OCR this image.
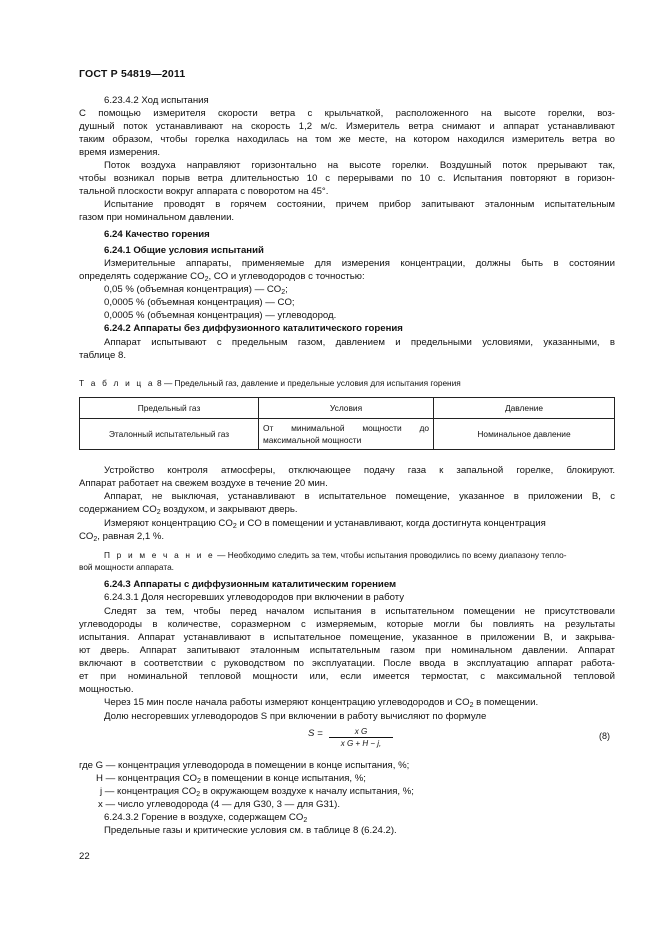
ГОСТ Р 54819—2011
6.23.4.2 Ход испытания
С помощью измерителя скорости ветра с крыльчаткой, расположенного на высоте горелки, воз-
душный поток устанавливают на скорость 1,2 м/с. Измеритель ветра снимают и аппарат устанавливают
таким образом, чтобы горелка находилась на том же месте, на котором находился измеритель ветра во
время измерения.
Поток воздуха направляют горизонтально на высоте горелки. Воздушный поток прерывают так,
чтобы возникал порыв ветра длительностью 10 с перерывами по 10 с. Испытания повторяют в горизон-
тальной плоскости вокруг аппарата с поворотом на 45°.
Испытание проводят в горячем состоянии, причем прибор запитывают эталонным испытательным
газом при номинальном давлении.
6.24 Качество горения
6.24.1 Общие условия испытаний
Измерительные аппараты, применяемые для измерения концентрации, должны быть в состоянии
определять содержание $CO_2$, CO и углеводородов с точностью:
0,05 % (объемная концентрация) — $CO_2$;
0,0005 % (объемная концентрация) — CO;
0,0005 % (объемная концентрация) — углеводород.
6.24.2 Аппараты без диффузионного каталитического горения
Аппарат испытывают с предельным газом, давлением и предельными условиями, указанными, в
таблице 8.
Т а б л и ц а 8 — Предельный газ, давление и предельные условия для испытания горения
Предельный газ	Условия	Давление
Эталонный испытательный газ	От минимальной мощности до максимальной мощности	Номинальное давление
Устройство контроля атмосферы, отключающее подачу газа к запальной горелке, блокируют.
Аппарат работает на свежем воздухе в течение 20 мин.
Аппарат, не выключая, устанавливают в испытательное помещение, указанное в приложении В, с
содержанием $CO_2$ воздухом, и закрывают дверь.
Измеряют концентрацию $CO_2$ и CO в помещении и устанавливают, когда достигнута концентрация
$CO_2$, равная 2,1 %.
П р и м е ч а н и е — Необходимо следить за тем, чтобы испытания проводились по всему диапазону тепло-
вой мощности аппарата.
6.24.3 Аппараты с диффузионным каталитическим горением
6.24.3.1 Доля несгоревших углеводородов при включении в работу
Следят за тем, чтобы перед началом испытания в испытательном помещении не присутствовали
углеводороды в количестве, соразмерном с измеряемым, которые могли бы повлиять на результаты
испытания. Аппарат устанавливают в испытательное помещение, указанное в приложении В, и закрыва-
ют дверь. Аппарат запитывают эталонным испытательным газом при номинальном давлении. Аппарат
включают в соответствии с руководством по эксплуатации. После ввода в эксплуатацию аппарат работа-
ет при номинальной тепловой мощности или, если имеется термостат, с максимальной тепловой
мощностью.
Через 15 мин после начала работы измеряют концентрацию углеводородов и $CO_2$ в помещении.
Долю несгоревших углеводородов S при включении в работу вычисляют по формуле
$S = \frac{\text{x G}}{\text{x G + H − j,}}$	(8)
где G — концентрация углеводорода в помещении в конце испытания, %;
H — концентрация $CO_2$ в помещении в конце испытания, %;
j — концентрация $CO_2$ в окружающем воздухе к началу испытания, %;
x — число углеводорода (4 — для G30, 3 — для G31).
6.24.3.2 Горение в воздухе, содержащем $CO_2$
Предельные газы и критические условия см. в таблице 8 (6.24.2).
22
